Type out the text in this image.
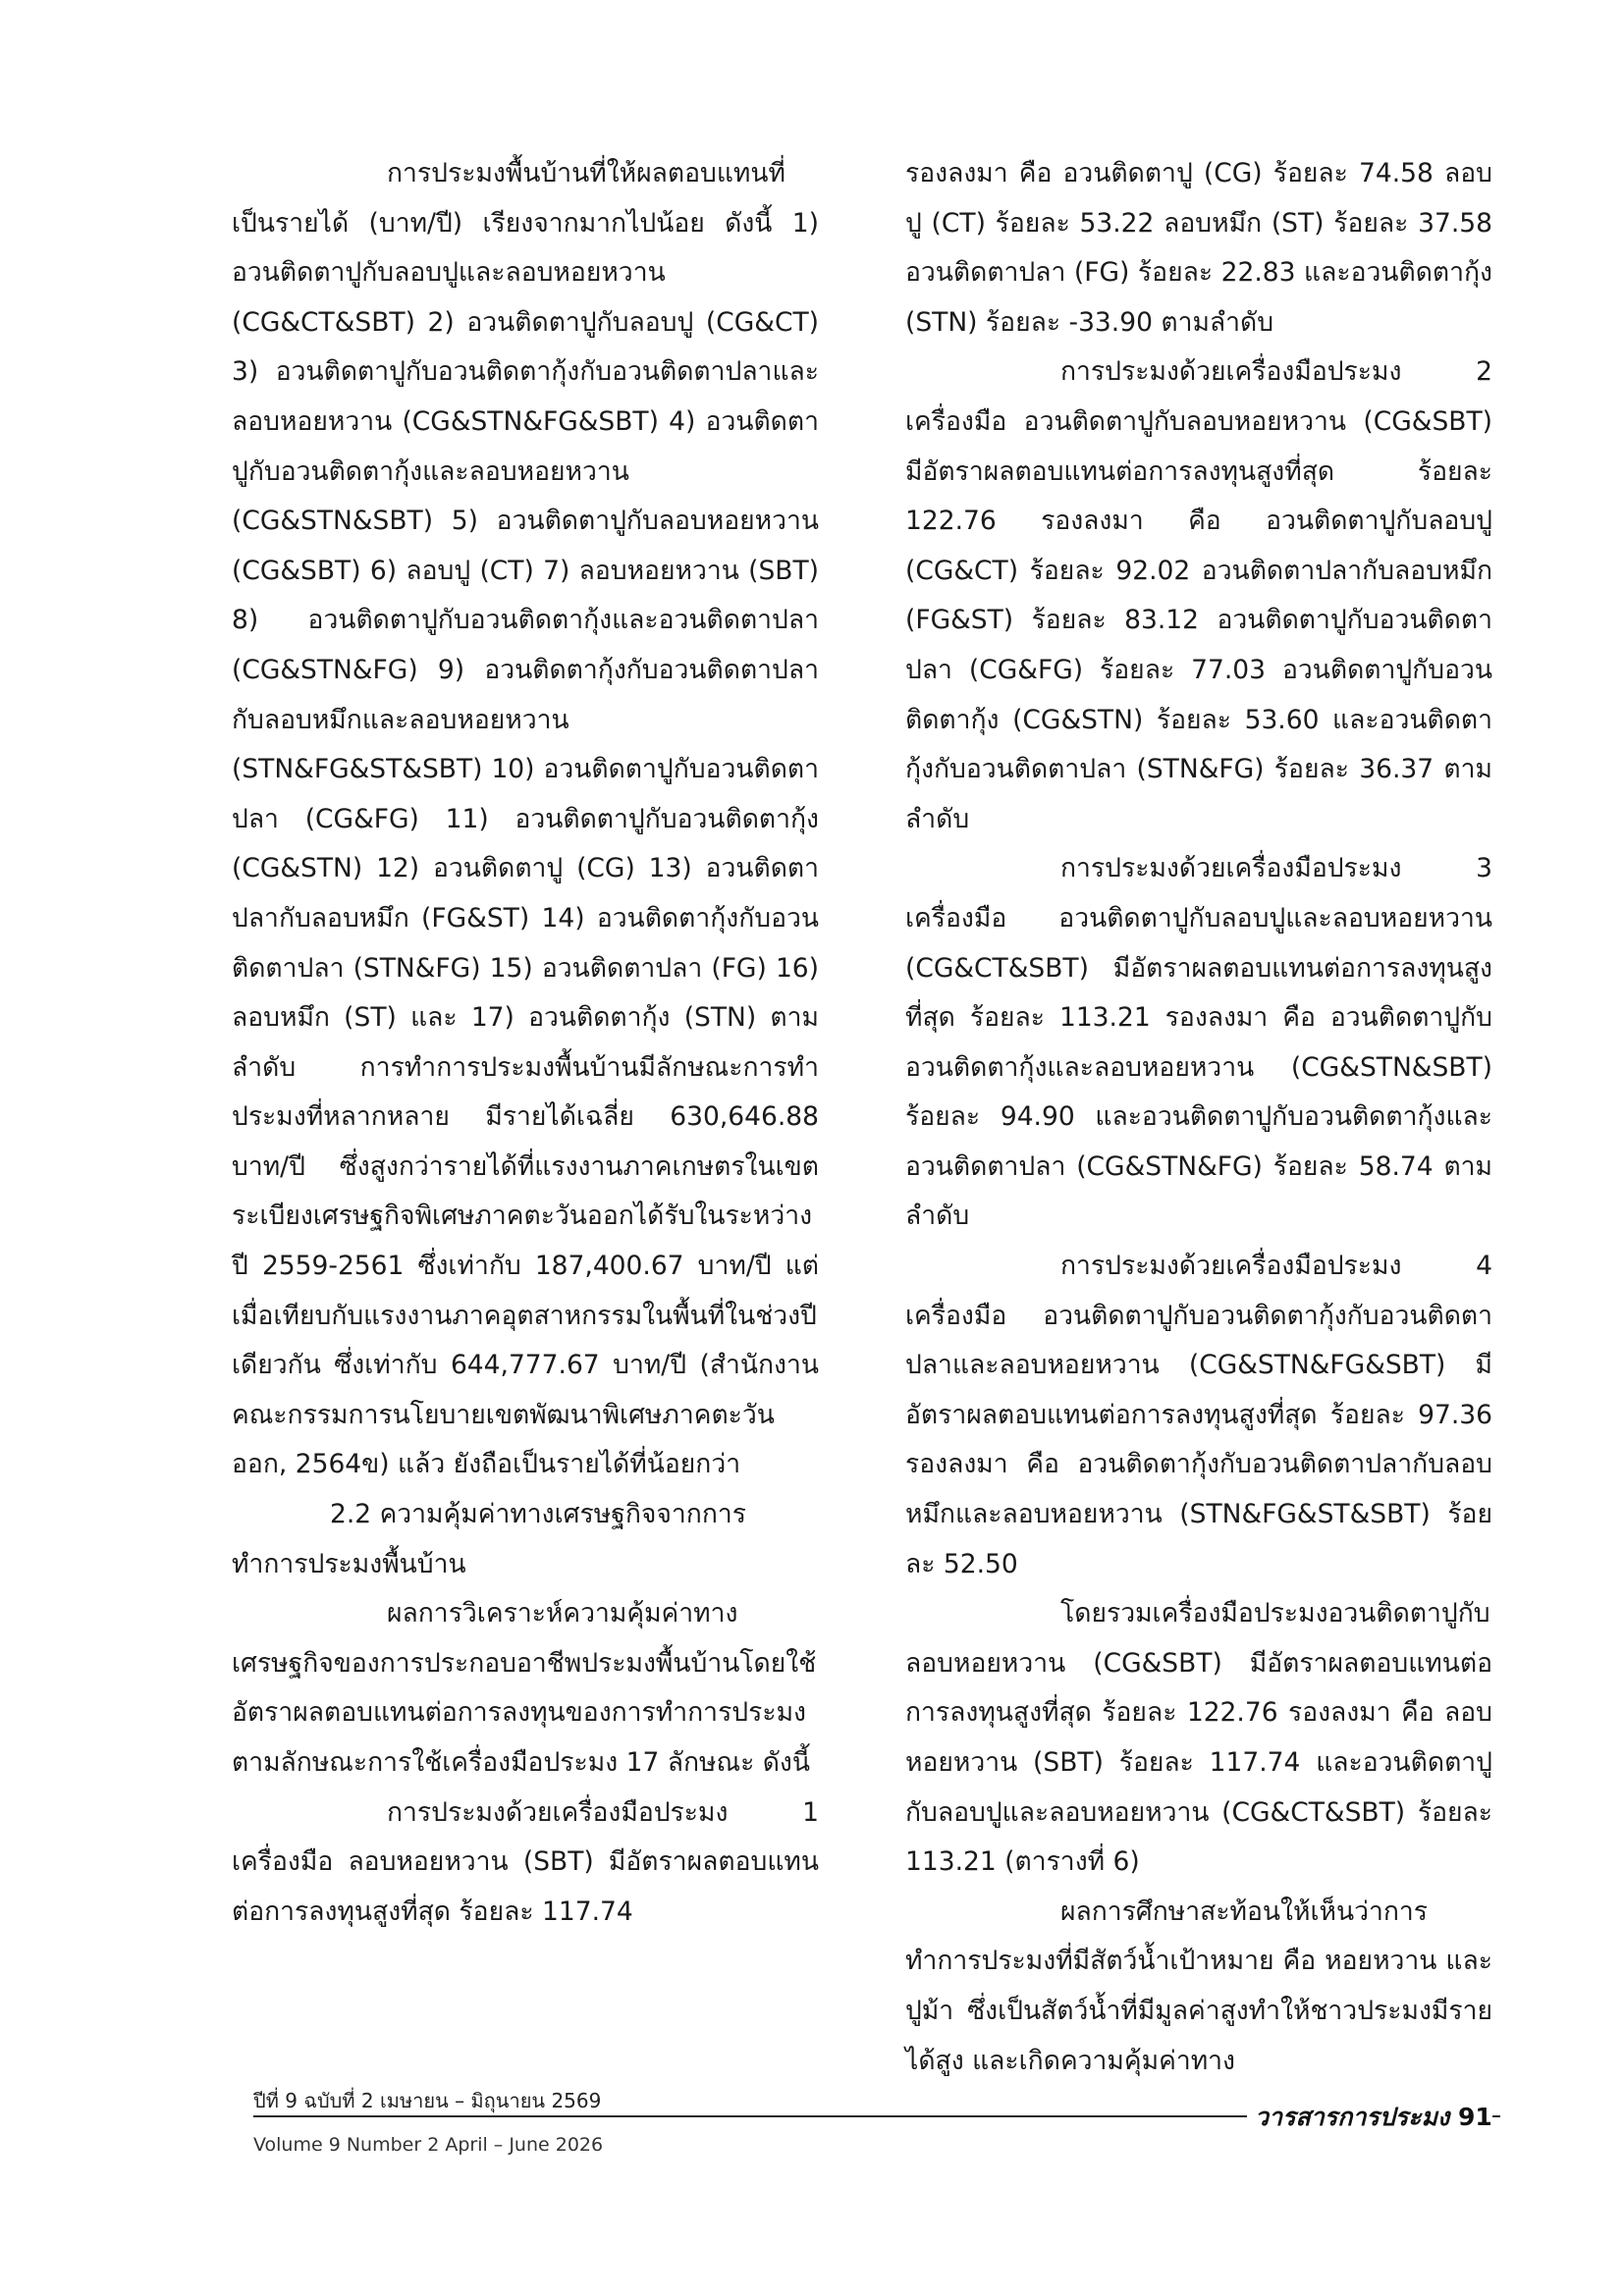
การประมงพื้นบ้านที่ให้ผลตอบแทนที่เป็นรายได้ (บาท/ปี) เรียงจากมากไปน้อย ดังนี้ 1) อวนติดตาปูกับลอบปูและลอบหอยหวาน (CG&CT&SBT) 2) อวนติดตาปูกับลอบปู (CG&CT) 3) อวนติดตาปูกับอวนติดตากุ้งกับอวนติดตาปลาและลอบหอยหวาน (CG&STN&FG&SBT) 4) อวนติดตาปูกับอวนติดตากุ้งและลอบหอยหวาน (CG&STN&SBT) 5) อวนติดตาปูกับลอบหอยหวาน (CG&SBT) 6) ลอบปู (CT) 7) ลอบหอยหวาน (SBT) 8) อวนติดตาปูกับอวนติดตากุ้งและอวนติดตาปลา (CG&STN&FG) 9) อวนติดตากุ้งกับอวนติดตาปลากับลอบหมึกและลอบหอยหวาน (STN&FG&ST&SBT) 10) อวนติดตาปูกับอวนติดตาปลา (CG&FG) 11) อวนติดตาปูกับอวนติดตากุ้ง (CG&STN) 12) อวนติดตาปู (CG) 13) อวนติดตาปลากับลอบหมึก (FG&ST) 14) อวนติดตากุ้งกับอวนติดตาปลา (STN&FG) 15) อวนติดตาปลา (FG) 16) ลอบหมึก (ST) และ 17) อวนติดตากุ้ง (STN) ตามลำดับ การทำการประมงพื้นบ้านมีลักษณะการทำประมงที่หลากหลาย มีรายได้เฉลี่ย 630,646.88 บาท/ปี ซึ่งสูงกว่ารายได้ที่แรงงานภาคเกษตรในเขตระเบียงเศรษฐกิจพิเศษภาคตะวันออกได้รับในระหว่างปี 2559-2561 ซึ่งเท่ากับ 187,400.67 บาท/ปี แต่เมื่อเทียบกับแรงงานภาคอุตสาหกรรมในพื้นที่ในช่วงปีเดียวกัน ซึ่งเท่ากับ 644,777.67 บาท/ปี (สำนักงานคณะกรรมการนโยบายเขตพัฒนาพิเศษภาคตะวันออก, 2564ข) แล้ว ยังถือเป็นรายได้ที่น้อยกว่า

2.2 ความคุ้มค่าทางเศรษฐกิจจากการทำการประมงพื้นบ้าน

ผลการวิเคราะห์ความคุ้มค่าทางเศรษฐกิจของการประกอบอาชีพประมงพื้นบ้านโดยใช้อัตราผลตอบแทนต่อการลงทุนของการทำการประมงตามลักษณะการใช้เครื่องมือประมง 17 ลักษณะ ดังนี้

การประมงด้วยเครื่องมือประมง 1 เครื่องมือ ลอบหอยหวาน (SBT) มีอัตราผลตอบแทนต่อการลงทุนสูงที่สุด ร้อยละ 117.74

รองลงมา คือ อวนติดตาปู (CG) ร้อยละ 74.58 ลอบปู (CT) ร้อยละ 53.22 ลอบหมึก (ST) ร้อยละ 37.58 อวนติดตาปลา (FG) ร้อยละ 22.83 และอวนติดตากุ้ง (STN) ร้อยละ -33.90 ตามลำดับ

การประมงด้วยเครื่องมือประมง 2 เครื่องมือ อวนติดตาปูกับลอบหอยหวาน (CG&SBT) มีอัตราผลตอบแทนต่อการลงทุนสูงที่สุด ร้อยละ 122.76 รองลงมา คือ อวนติดตาปูกับลอบปู (CG&CT) ร้อยละ 92.02 อวนติดตาปลากับลอบหมึก (FG&ST) ร้อยละ 83.12 อวนติดตาปูกับอวนติดตาปลา (CG&FG) ร้อยละ 77.03 อวนติดตาปูกับอวนติดตากุ้ง (CG&STN) ร้อยละ 53.60 และอวนติดตากุ้งกับอวนติดตาปลา (STN&FG) ร้อยละ 36.37 ตามลำดับ

การประมงด้วยเครื่องมือประมง 3 เครื่องมือ อวนติดตาปูกับลอบปูและลอบหอยหวาน (CG&CT&SBT) มีอัตราผลตอบแทนต่อการลงทุนสูงที่สุด ร้อยละ 113.21 รองลงมา คือ อวนติดตาปูกับอวนติดตากุ้งและลอบหอยหวาน (CG&STN&SBT) ร้อยละ 94.90 และอวนติดตาปูกับอวนติดตากุ้งและอวนติดตาปลา (CG&STN&FG) ร้อยละ 58.74 ตามลำดับ

การประมงด้วยเครื่องมือประมง 4 เครื่องมือ อวนติดตาปูกับอวนติดตากุ้งกับอวนติดตาปลาและลอบหอยหวาน (CG&STN&FG&SBT) มีอัตราผลตอบแทนต่อการลงทุนสูงที่สุด ร้อยละ 97.36 รองลงมา คือ อวนติดตากุ้งกับอวนติดตาปลากับลอบหมึกและลอบหอยหวาน (STN&FG&ST&SBT) ร้อยละ 52.50

โดยรวมเครื่องมือประมงอวนติดตาปูกับลอบหอยหวาน (CG&SBT) มีอัตราผลตอบแทนต่อการลงทุนสูงที่สุด ร้อยละ 122.76 รองลงมา คือ ลอบหอยหวาน (SBT) ร้อยละ 117.74 และอวนติดตาปูกับลอบปูและลอบหอยหวาน (CG&CT&SBT) ร้อยละ 113.21 (ตารางที่ 6)

ผลการศึกษาสะท้อนให้เห็นว่าการทำการประมงที่มีสัตว์น้ำเป้าหมาย คือ หอยหวาน และ ปูม้า ซึ่งเป็นสัตว์น้ำที่มีมูลค่าสูงทำให้ชาวประมงมีรายได้สูง และเกิดความคุ้มค่าทาง

ปีที่ 9 ฉบับที่ 2 เมษายน – มิถุนายน 2569
Volume 9 Number 2 April – June 2026
วารสารการประมง 91
